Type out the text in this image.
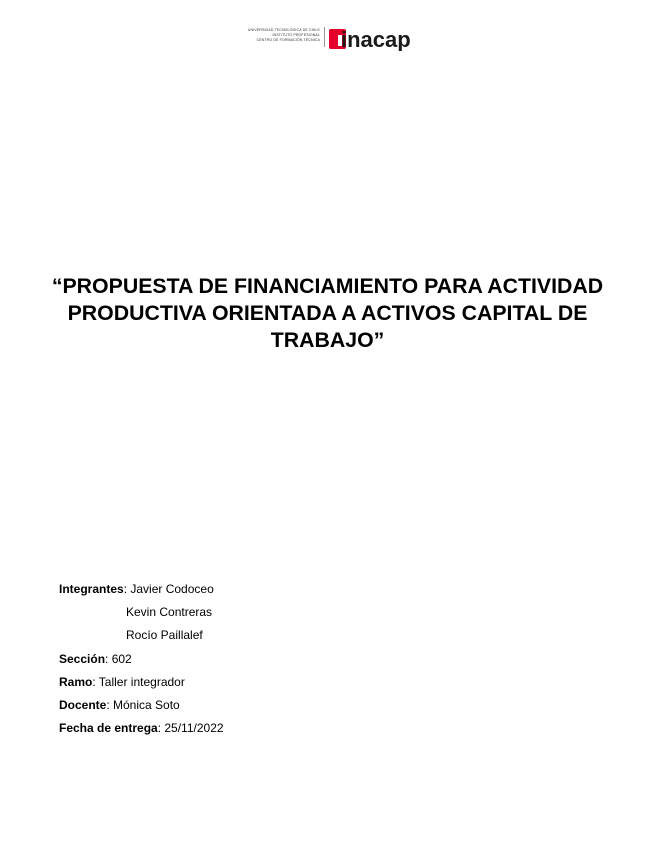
UNIVERSIDAD TECNOLÓGICA DE CHILE
INSTITUTO PROFESIONAL
CENTRO DE FORMACIÓN TÉCNICA inacap
“PROPUESTA DE FINANCIAMIENTO PARA ACTIVIDAD PRODUCTIVA ORIENTADA A ACTIVOS CAPITAL DE TRABAJO”
Integrantes: Javier Codoceo
Kevin Contreras
Rocío Paillalef
Sección: 602
Ramo: Taller integrador
Docente: Mónica Soto
Fecha de entrega: 25/11/2022
